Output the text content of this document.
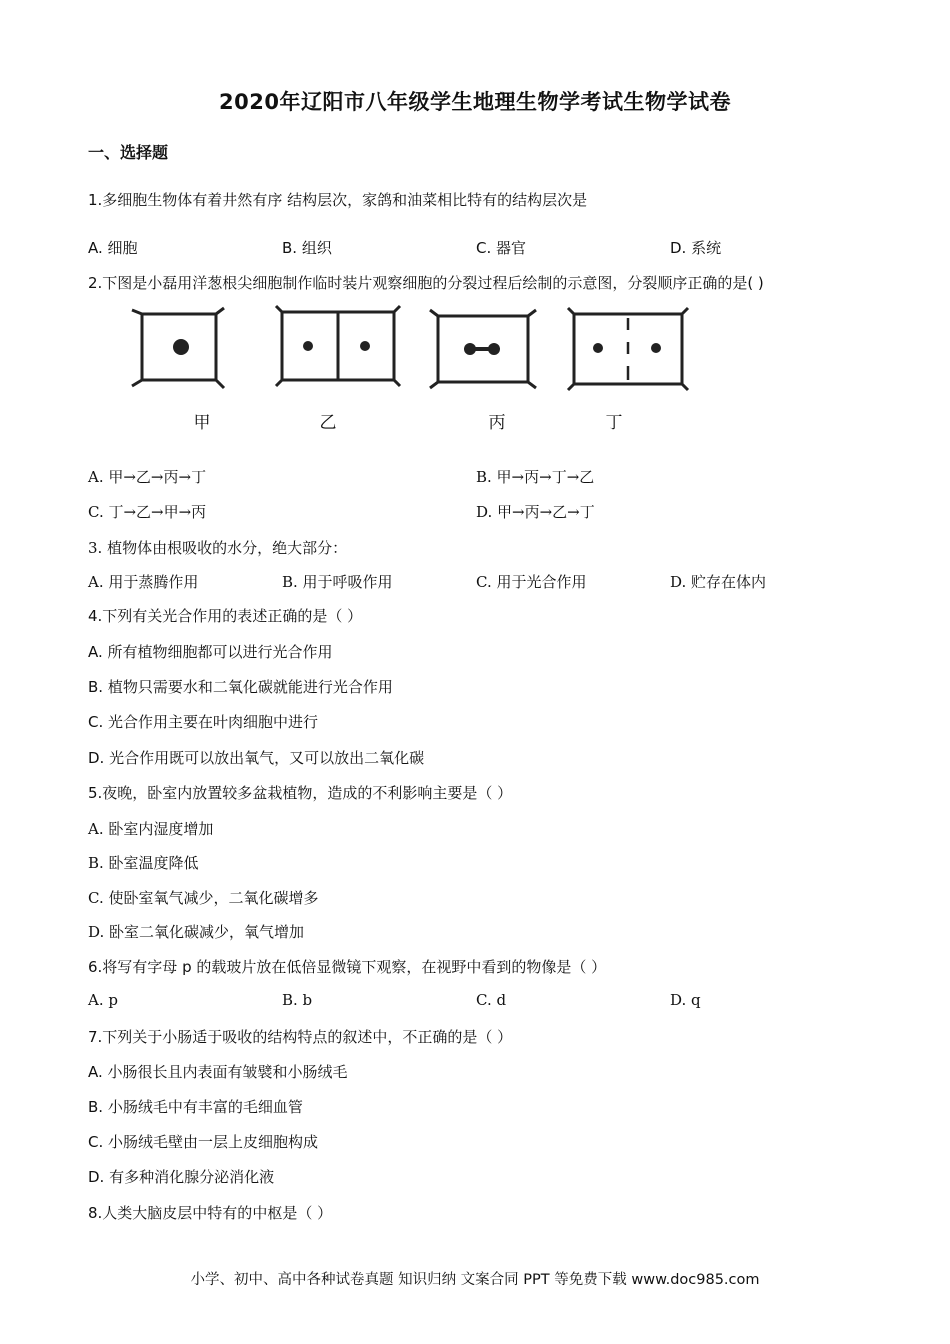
2020年辽阳市八年级学生地理生物学考试生物学试卷
一、选择题
1.多细胞生物体有着井然有序 结构层次，家鸽和油菜相比特有的结构层次是
A. 细胞	B. 组织	C. 器官	D. 系统
2.下图是小磊用洋葱根尖细胞制作临时装片观察细胞的分裂过程后绘制的示意图，分裂顺序正确的是( )
甲	乙	丙	丁
A. 甲→乙→丙→丁	B. 甲→丙→丁→乙
C. 丁→乙→甲→丙	D. 甲→丙→乙→丁
3. 植物体由根吸收的水分，绝大部分：
A. 用于蒸腾作用	B. 用于呼吸作用	C. 用于光合作用	D. 贮存在体内
4.下列有关光合作用的表述正确的是（ ）
A. 所有植物细胞都可以进行光合作用
B. 植物只需要水和二氧化碳就能进行光合作用
C. 光合作用主要在叶肉细胞中进行
D. 光合作用既可以放出氧气，又可以放出二氧化碳
5.夜晚，卧室内放置较多盆栽植物，造成的不利影响主要是（ ）
A. 卧室内湿度增加
B. 卧室温度降低
C. 使卧室氧气减少，二氧化碳增多
D. 卧室二氧化碳减少，氧气增加
6.将写有字母 p 的载玻片放在低倍显微镜下观察，在视野中看到的物像是（ ）
A. p	B. b	C. d	D. q
7.下列关于小肠适于吸收的结构特点的叙述中，不正确的是（ ）
A. 小肠很长且内表面有皱襞和小肠绒毛
B. 小肠绒毛中有丰富的毛细血管
C. 小肠绒毛壁由一层上皮细胞构成
D. 有多种消化腺分泌消化液
8.人类大脑皮层中特有的中枢是（ ）
小学、初中、高中各种试卷真题 知识归纳 文案合同 PPT 等免费下载 www.doc985.com
